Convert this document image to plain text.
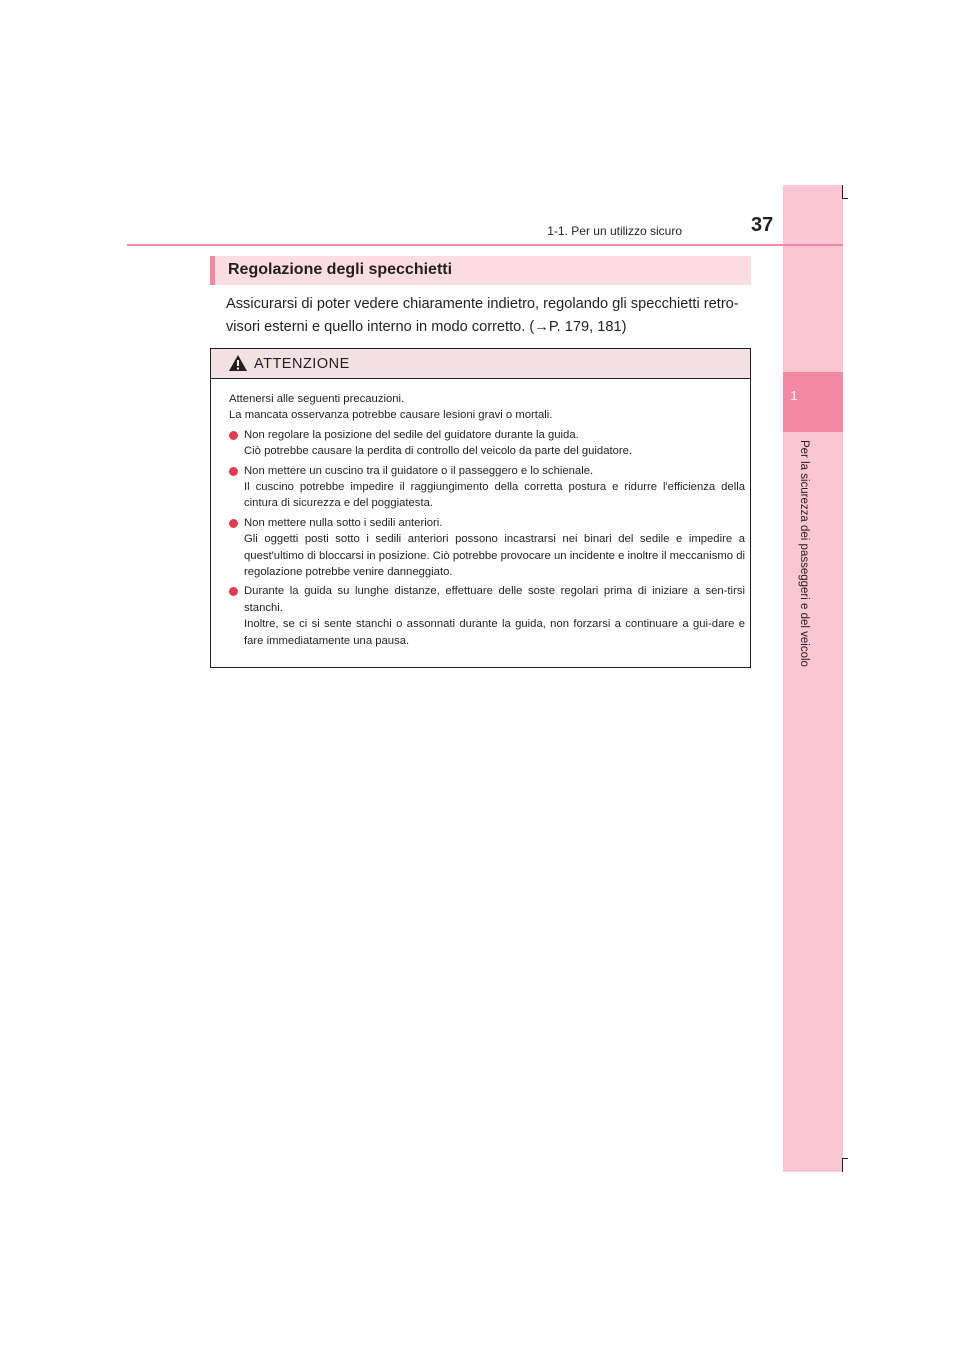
1
Per la sicurezza dei passeggeri e del veicolo
1-1. Per un utilizzo sicuro	37
Regolazione degli specchietti
Assicurarsi di poter vedere chiaramente indietro, regolando gli specchietti retro-
visori esterni e quello interno in modo corretto. (→P. 179, 181)
ATTENZIONE

Attenersi alle seguenti precauzioni.
La mancata osservanza potrebbe causare lesioni gravi o mortali.

Non regolare la posizione del sedile del guidatore durante la guida.
Ciò potrebbe causare la perdita di controllo del veicolo da parte del guidatore.
Non mettere un cuscino tra il guidatore o il passeggero e lo schienale.
Il cuscino potrebbe impedire il raggiungimento della corretta postura e ridurre l'efficienza della cintura di sicurezza e del poggiatesta.
Non mettere nulla sotto i sedili anteriori.
Gli oggetti posti sotto i sedili anteriori possono incastrarsi nei binari del sedile e impedire a quest'ultimo di bloccarsi in posizione. Ciò potrebbe provocare un incidente e inoltre il meccanismo di regolazione potrebbe venire danneggiato.
Durante la guida su lunghe distanze, effettuare delle soste regolari prima di iniziare a sen-tirsi stanchi.
Inoltre, se ci si sente stanchi o assonnati durante la guida, non forzarsi a continuare a gui-dare e fare immediatamente una pausa.
